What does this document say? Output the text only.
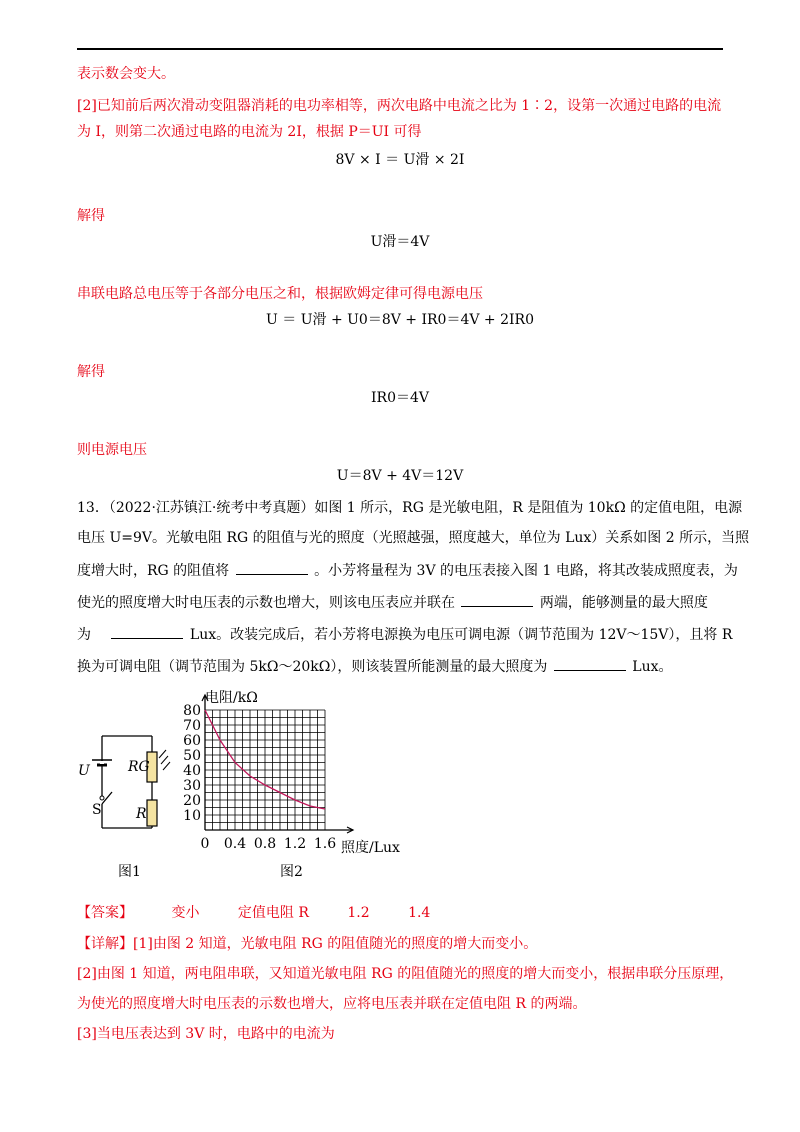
表示数会变大。
[2]已知前后两次滑动变阻器消耗的电功率相等，两次电路中电流之比为 1∶2，设第一次通过电路的电流
为 I，则第二次通过电路的电流为 2I，根据 P＝UI 可得
8V × I ＝ U滑 × 2I
解得
U滑＝4V
串联电路总电压等于各部分电压之和，根据欧姆定律可得电源电压
U ＝ U滑 + U0＝8V + IR0＝4V + 2IR0
解得
IR0＝4V
则电源电压
U＝8V + 4V＝12V
13．（2022·江苏镇江·统考中考真题）如图 1 所示，RG 是光敏电阻，R 是阻值为 10kΩ 的定值电阻，电源
电压 U=9V。光敏电阻 RG 的阻值与光的照度（光照越强，照度越大，单位为 Lux）关系如图 2 所示，当照
度增大时，RG 的阻值将	。小芳将量程为 3V 的电压表接入图 1 电路，将其改装成照度表，为
使光的照度增大时电压表的示数也增大，则该电压表应并联在	两端，能够测量的最大照度
为	Lux。改装完成后，若小芳将电源换为电压可调电源（调节范围为 12V～15V），且将 R
换为可调电阻（调节范围为 5kΩ～20kΩ），则该装置所能测量的最大照度为	Lux。
U	RG
S R
图1
80
70
60
50
40
30
20
10
0 0.4 0.8 1.2 1.6
电阻/kΩ
照度/Lux
图2
【答案】	变小	定值电阻 R	1.2	1.4
【详解】[1]由图 2 知道，光敏电阻 RG 的阻值随光的照度的增大而变小。
[2]由图 1 知道，两电阻串联，又知道光敏电阻 RG 的阻值随光的照度的增大而变小，根据串联分压原理，
为使光的照度增大时电压表的示数也增大，应将电压表并联在定值电阻 R 的两端。
[3]当电压表达到 3V 时，电路中的电流为
